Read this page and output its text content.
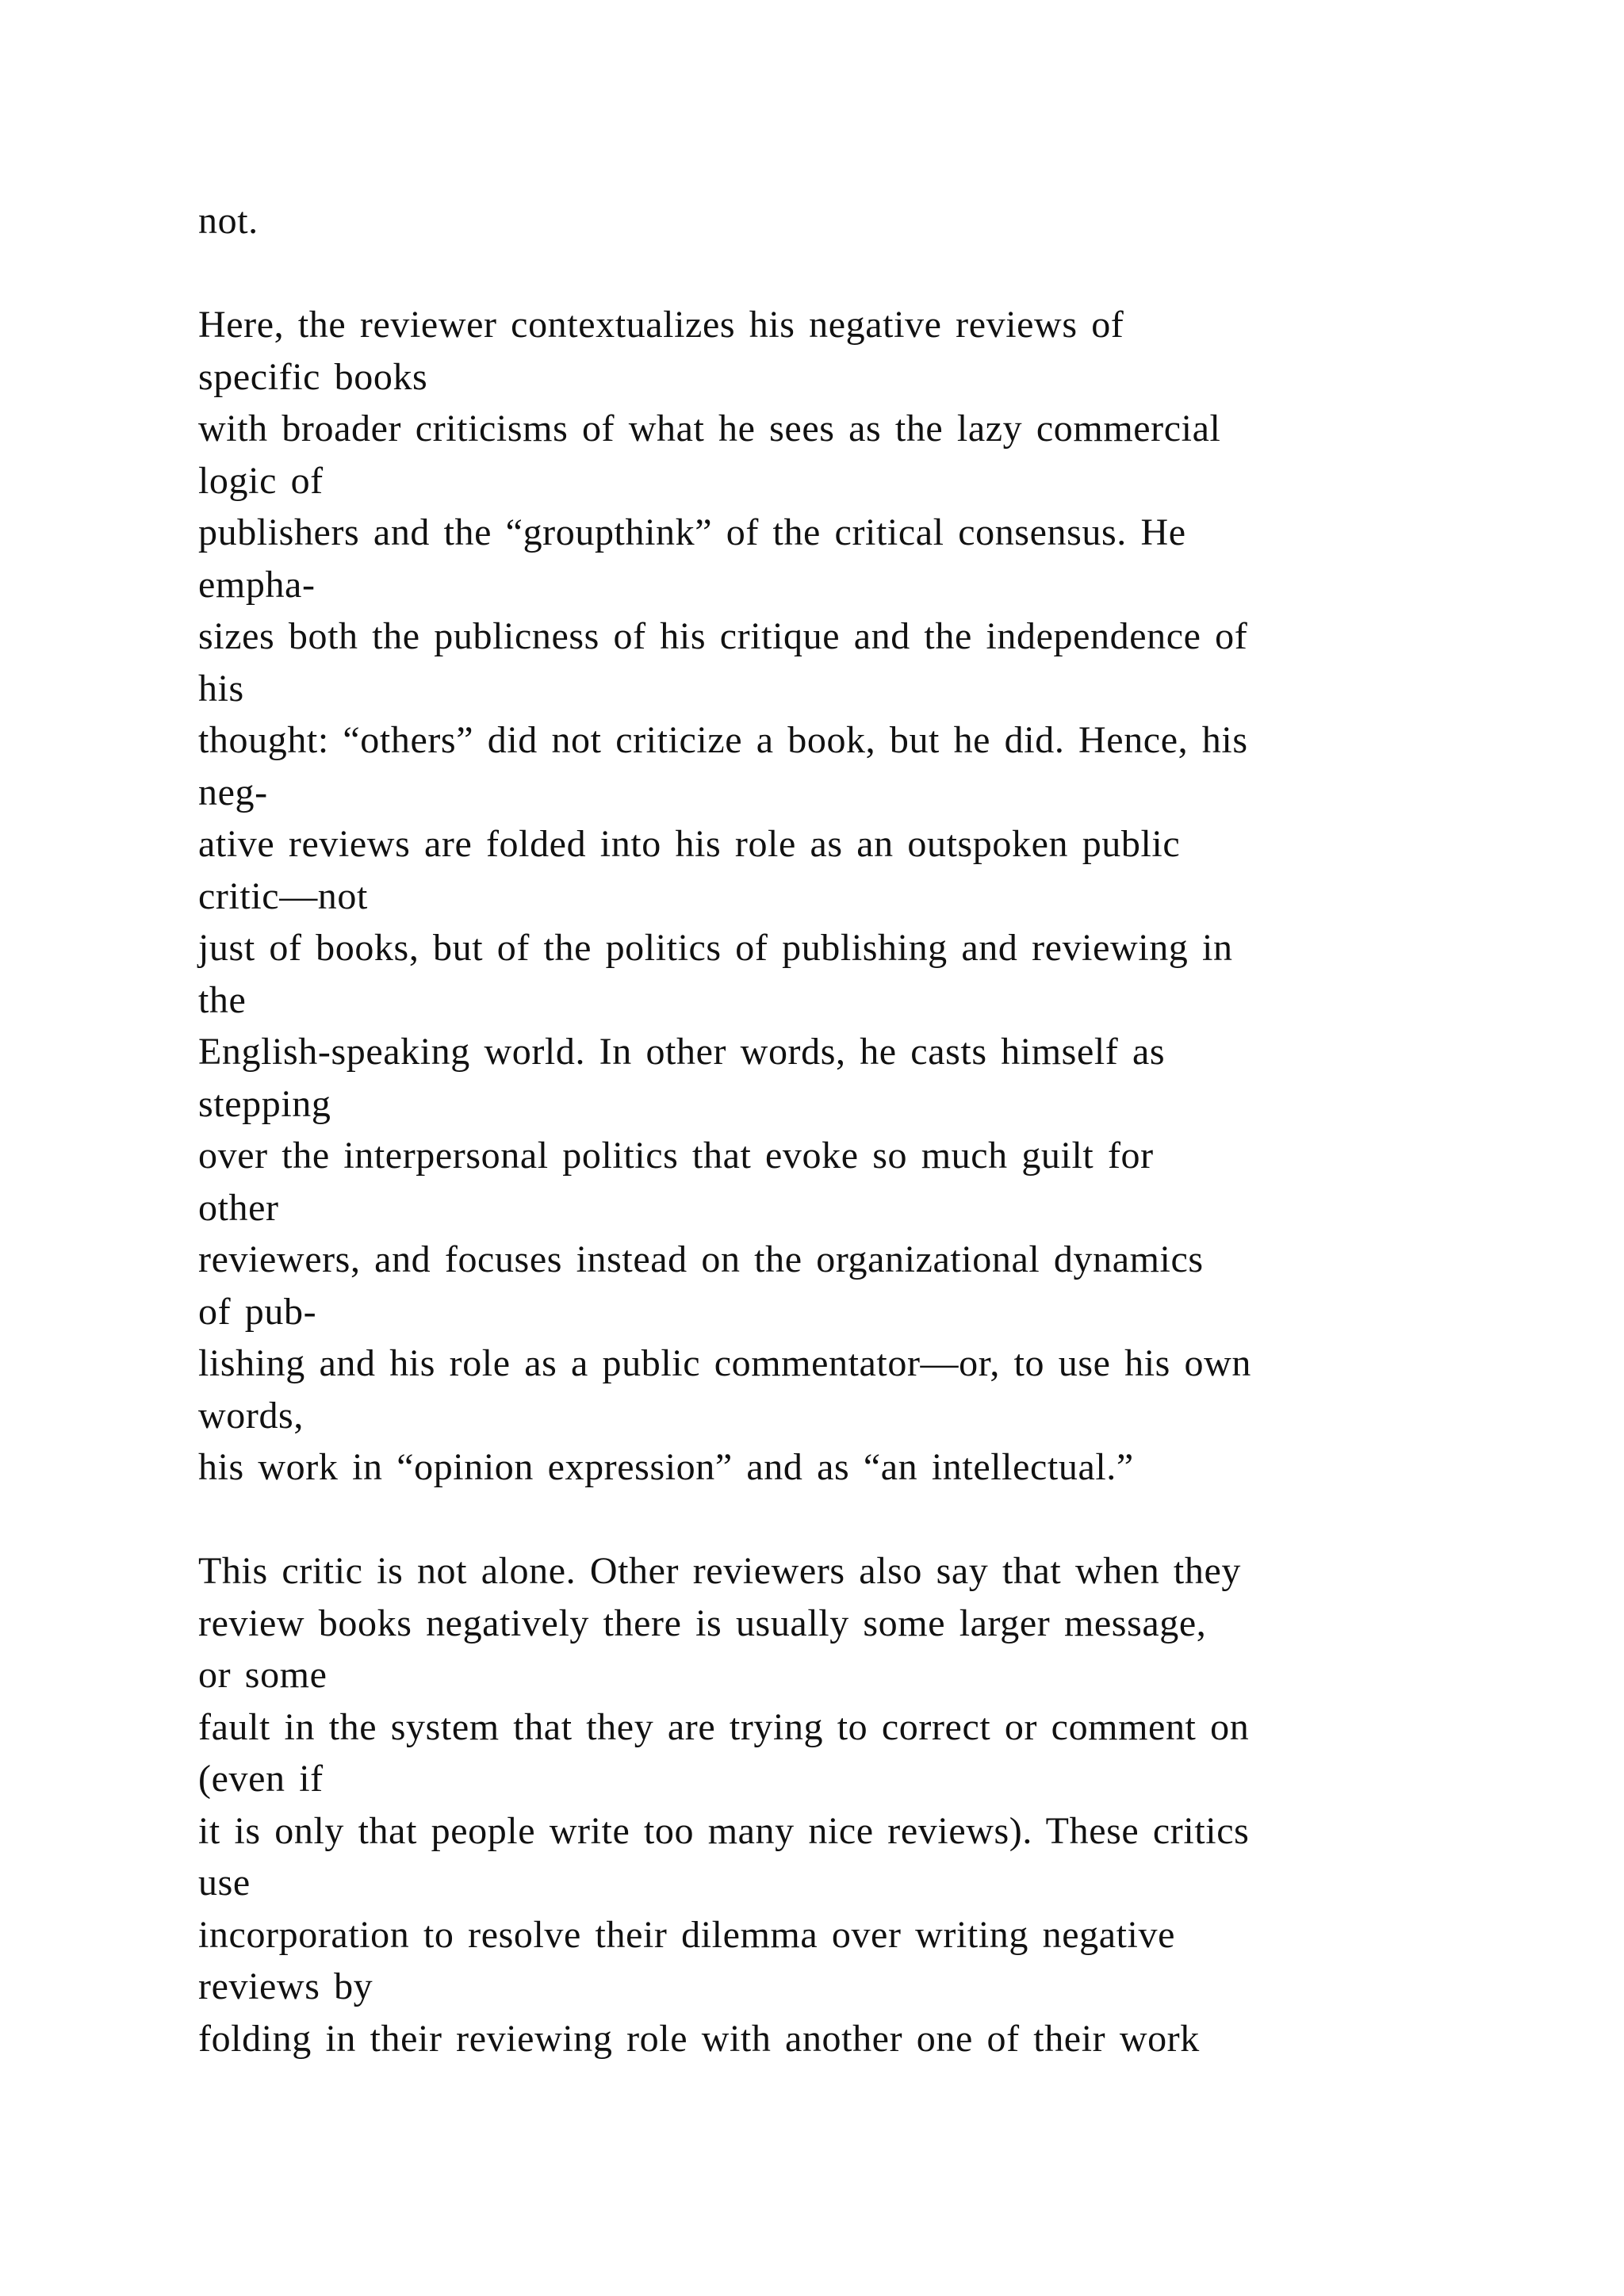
not.
Here, the reviewer contextualizes his negative reviews of
specific books
with broader criticisms of what he sees as the lazy commercial
logic of
publishers and the “groupthink” of the critical consensus. He
empha-
sizes both the publicness of his critique and the independence of
his
thought: “others” did not criticize a book, but he did. Hence, his
neg-
ative reviews are folded into his role as an outspoken public
critic—not
just of books, but of the politics of publishing and reviewing in
the
English-speaking world. In other words, he casts himself as
stepping
over the interpersonal politics that evoke so much guilt for
other
reviewers, and focuses instead on the organizational dynamics
of pub-
lishing and his role as a public commentator—or, to use his own
words,
his work in “opinion expression” and as “an intellectual.”
This critic is not alone. Other reviewers also say that when they
review books negatively there is usually some larger message,
or some
fault in the system that they are trying to correct or comment on
(even if
it is only that people write too many nice reviews). These critics
use
incorporation to resolve their dilemma over writing negative
reviews by
folding in their reviewing role with another one of their work
